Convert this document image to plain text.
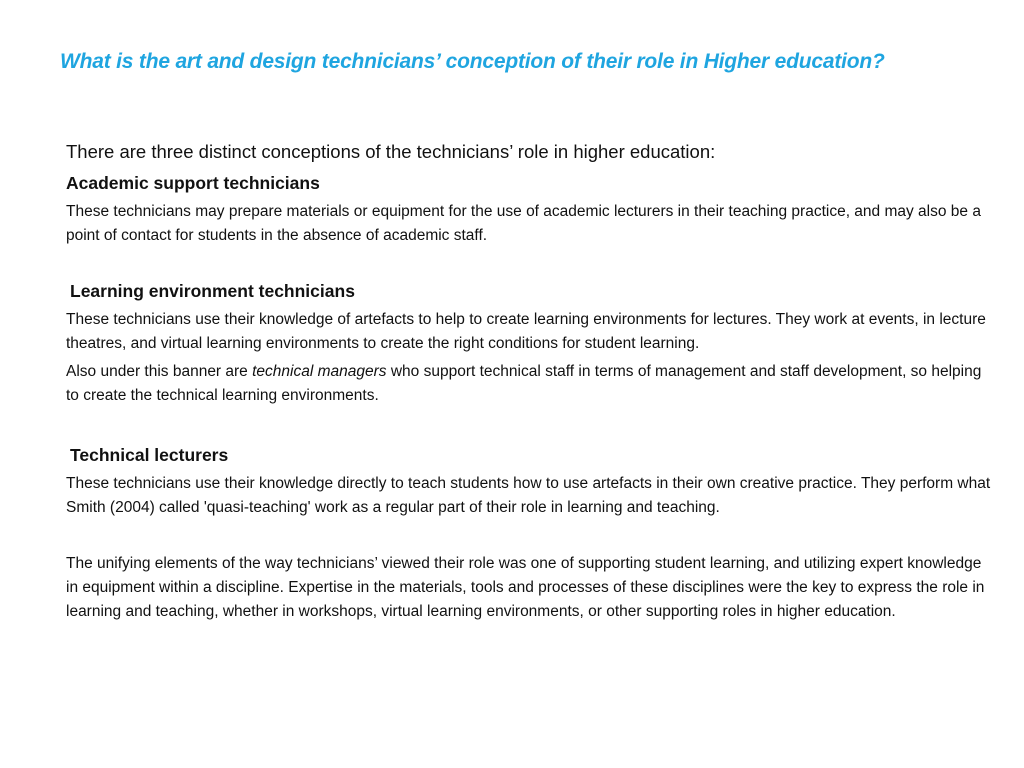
What is the art and design technicians’ conception of their role in Higher education?

There are three distinct conceptions of the technicians’ role in higher education:

Academic support technicians

These technicians may prepare materials or equipment for the use of academic lecturers in their teaching practice, and may also be a point of contact for students in the absence of academic staff.

Learning environment technicians

These technicians use their knowledge of artefacts to help to create learning environments for lectures. They work at events, in lecture theatres, and virtual learning environments to create the right conditions for student learning.

Also under this banner are technical managers who support technical staff in terms of management and staff development, so helping to create the technical learning environments.

Technical lecturers

These technicians use their knowledge directly to teach students how to use artefacts in their own creative practice. They perform what Smith (2004) called 'quasi-teaching' work as a regular part of their role in learning and teaching.

The unifying elements of the way technicians’ viewed their role was one of supporting student learning, and utilizing expert knowledge in equipment within a discipline. Expertise in the materials, tools and processes of these disciplines were the key to express the role in learning and teaching, whether in workshops, virtual learning environments, or other supporting roles in higher education.
